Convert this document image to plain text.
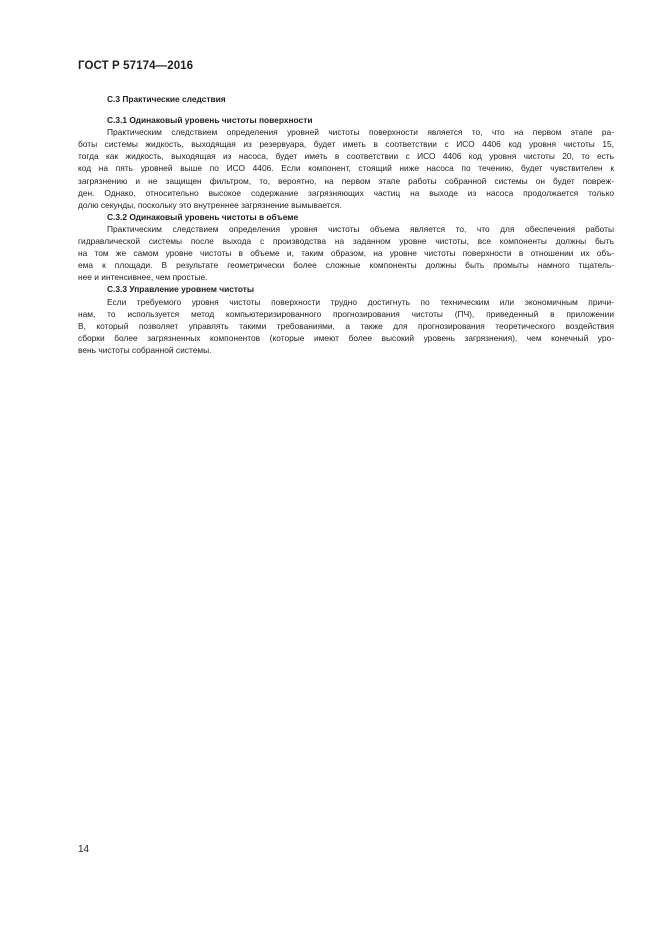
ГОСТ Р 57174—2016

С.3 Практические следствия

С.3.1 Одинаковый уровень чистоты поверхности

Практическим следствием определения уровней чистоты поверхности является то, что на первом этапе ра-
боты системы жидкость, выходящая из резервуара, будет иметь в соответствии с ИСО 4406 код уровня чистоты 15,
тогда как жидкость, выходящая из насоса, будет иметь в соответствии с ИСО 4406 код уровня чистоты 20, то есть
код на пять уровней выше по ИСО 4406. Если компонент, стоящий ниже насоса по течению, будет чувствителен к
загрязнению и не защищен фильтром, то, вероятно, на первом этапе работы собранной системы он будет повреж-
ден. Однако, относительно высокое содержание загрязняющих частиц на выходе из насоса продолжается только
долю секунды, поскольку это внутреннее загрязнение вымывается.

С.3.2 Одинаковый уровень чистоты в объеме

Практическим следствием определения уровня чистоты объема является то, что для обеспечения работы
гидравлической системы после выхода с производства на заданном уровне чистоты, все компоненты должны быть
на том же самом уровне чистоты в объеме и, таким образом, на уровне чистоты поверхности в отношении их объ-
ема к площади. В результате геометрически более сложные компоненты должны быть промыты намного тщатель-
нее и интенсивнее, чем простые.

С.3.3 Управление уровнем чистоты

Если требуемого уровня чистоты поверхности трудно достигнуть по техническим или экономичным причи-
нам, то используется метод компьютеризированного прогнозирования чистоты (ПЧ), приведенный в приложении
В, который позволяет управлять такими требованиями, а также для прогнозирования теоретического воздействия
сборки более загрязненных компонентов (которые имеют более высокий уровень загрязнения), чем конечный уро-
вень чистоты собранной системы.

14
